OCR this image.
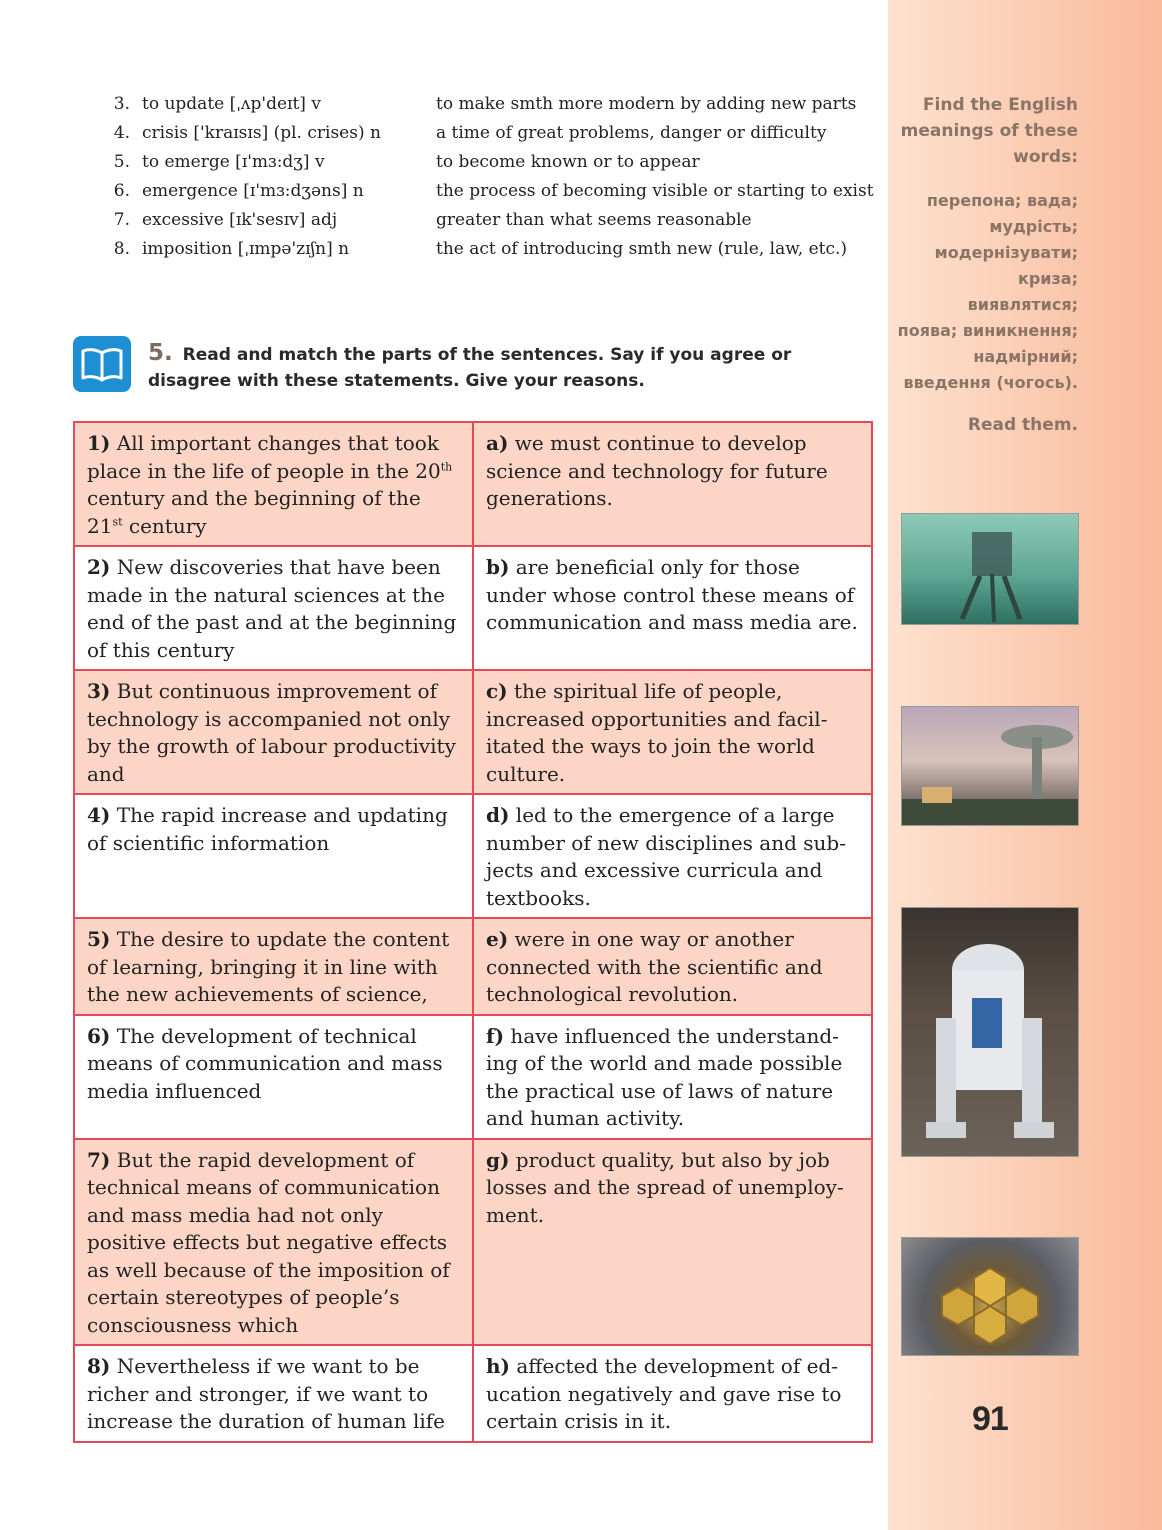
3. to update [ˌʌp'deɪt] v	to make smth more modern by adding new parts
4. crisis ['kraɪsɪs] (pl. crises) n	a time of great problems, danger or difficulty
5. to emerge [ɪ'mɜ:dʒ] v	to become known or to appear
6. emergence [ɪ'mɜ:dʒəns] n	the process of becoming visible or starting to exist
7. excessive [ɪk'sesɪv] adj	greater than what seems reasonable
8. imposition [ˌɪmpə'zɪʃn] n	the act of introducing smth new (rule, law, etc.)
5. Read and match the parts of the sentences. Say if you agree or disagree with these statements. Give your reasons.
1) All important changes that took place in the life of people in the 20th century and the beginning of the 21st century	a) we must continue to develop science and technology for future generations.
2) New discoveries that have been made in the natural sciences at the end of the past and at the beginning of this century	b) are beneficial only for those under whose control these means of communication and mass media are.
3) But continuous improvement of technology is accompanied not only by the growth of labour productivity and	c) the spiritual life of people, increased opportunities and facilitated the ways to join the world culture.
4) The rapid increase and updating of scientific information	d) led to the emergence of a large number of new disciplines and subjects and excessive curricula and textbooks.
5) The desire to update the content of learning, bringing it in line with the new achievements of science,	e) were in one way or another connected with the scientific and technological revolution.
6) The development of technical means of communication and mass media influenced	f) have influenced the understanding of the world and made possible the practical use of laws of nature and human activity.
7) But the rapid development of technical means of communication and mass media had not only positive effects but negative effects as well because of the imposition of certain stereotypes of people’s consciousness which	g) product quality, but also by job losses and the spread of unemployment.
8) Nevertheless if we want to be richer and stronger, if we want to increase the duration of human life	h) affected the development of education negatively and gave rise to certain crisis in it.
Find the English meanings of these words:
перепона; вада;
мудрість;
модернізувати;
криза;
виявлятися;
поява; виникнення;
надмірний;
введення (чогось).
Read them.
91
